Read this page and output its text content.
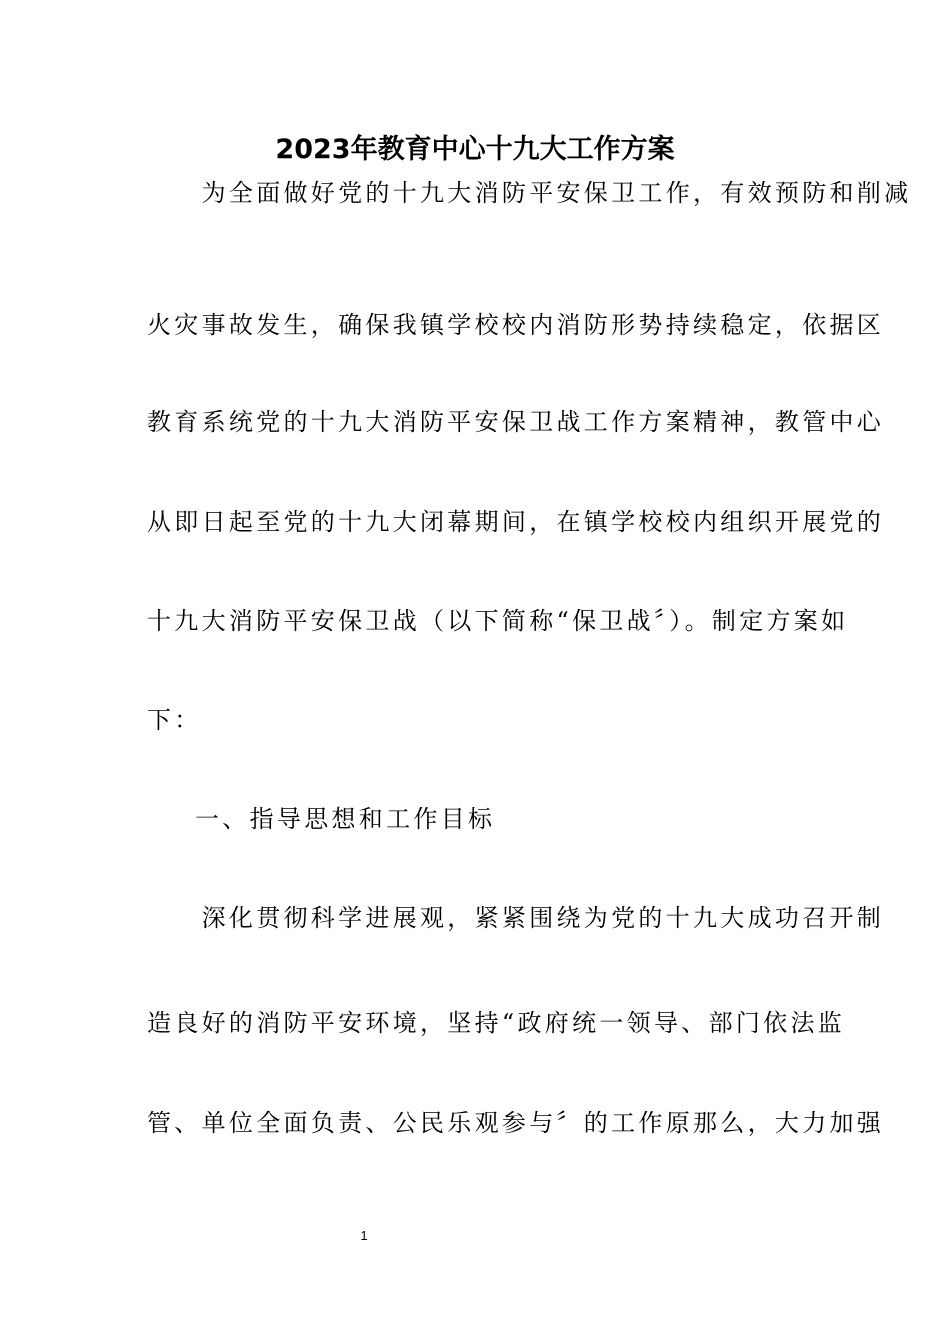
2023年教育中心十九大工作方案
　　为全面做好党的十九大消防平安保卫工作，有效预防和削减
火灾事故发生，确保我镇学校校内消防形势持续稳定，依据区
教育系统党的十九大消防平安保卫战工作方案精神，教管中心
从即日起至党的十九大闭幕期间，在镇学校校内组织开展党的
十九大消防平安保卫战（以下简称“保卫战〞）。制定方案如
下：
一、指导思想和工作目标
　　深化贯彻科学进展观，紧紧围绕为党的十九大成功召开制
造良好的消防平安环境，坚持“政府统一领导、部门依法监
管、单位全面负责、公民乐观参与〞的工作原那么，大力加强
1
